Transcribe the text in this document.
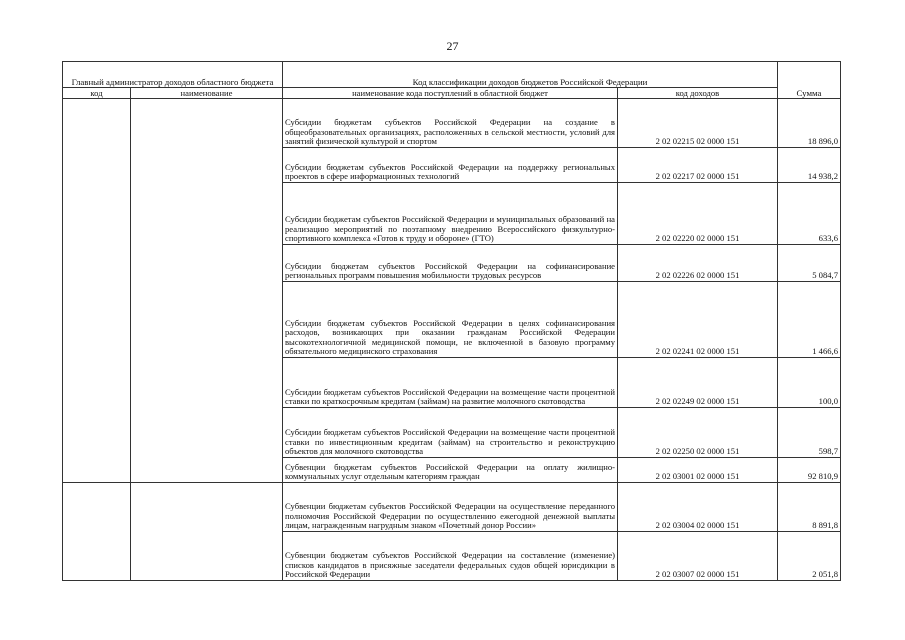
27
Главный администратор доходов областного бюджета		Код классификации доходов бюджетов Российской Федерации		Сумма
код	наименование	наименование кода поступлений в областной бюджет	код доходов	
		Субсидии бюджетам субъектов Российской Федерации на создание в общеобразовательных организациях, расположенных в сельской местности, условий для занятий физической культурой и спортом	2 02 02215 02 0000 151	18 896,0
		Субсидии бюджетам субъектов Российской Федерации на поддержку региональных проектов в сфере информационных технологий	2 02 02217 02 0000 151	14 938,2
		Субсидии бюджетам субъектов Российской Федерации и муниципальных образований на реализацию мероприятий по поэтапному внедрению Всероссийского физкультурно-спортивного комплекса «Готов к труду и обороне» (ГТО)	2 02 02220 02 0000 151	633,6
		Субсидии бюджетам субъектов Российской Федерации на софинансирование региональных программ повышения мобильности трудовых ресурсов	2 02 02226 02 0000 151	5 084,7
		Субсидии бюджетам субъектов Российской Федерации в целях софинансирования расходов, возникающих при оказании гражданам Российской Федерации высокотехнологичной медицинской помощи, не включенной в базовую программу обязательного медицинского страхования	2 02 02241 02 0000 151	1 466,6
		Субсидии бюджетам субъектов Российской Федерации на возмещение части процентной ставки по краткосрочным кредитам (займам) на развитие молочного скотоводства	2 02 02249 02 0000 151	100,0
		Субсидии бюджетам субъектов Российской Федерации на возмещение части процентной ставки по инвестиционным кредитам (займам) на строительство и реконструкцию объектов для молочного скотоводства	2 02 02250 02 0000 151	598,7
		Субвенции бюджетам субъектов Российской Федерации на оплату жилищно-коммунальных услуг отдельным категориям граждан	2 02 03001 02 0000 151	92 810,9
		Субвенции бюджетам субъектов Российской Федерации на осуществление переданного полномочия Российской Федерации по осуществлению ежегодной денежной выплаты лицам, награжденным нагрудным знаком «Почетный донор России»	2 02 03004 02 0000 151	8 891,8
		Субвенции бюджетам субъектов Российской Федерации на составление (изменение) списков кандидатов в присяжные заседатели федеральных судов общей юрисдикции в Российской Федерации	2 02 03007 02 0000 151	2 051,8
